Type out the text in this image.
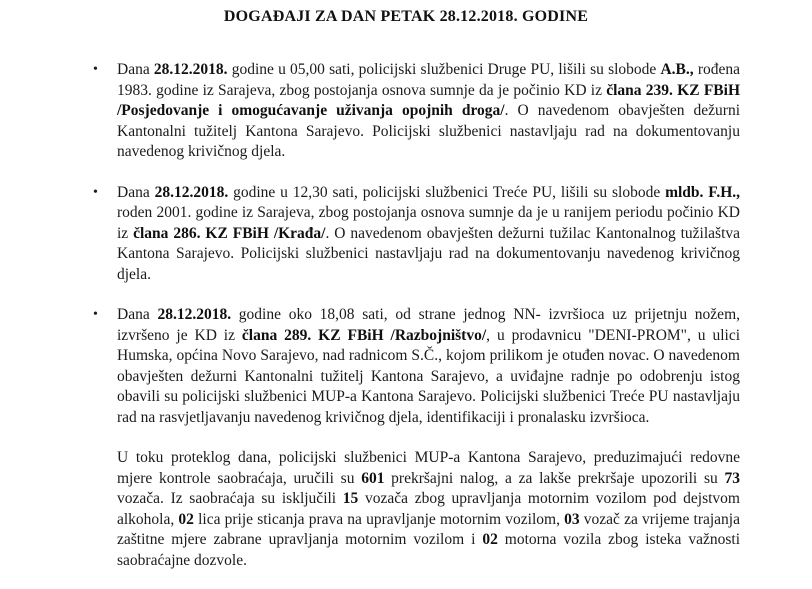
DOGAĐAJI ZA DAN PETAK 28.12.2018. GODINE
•	Dana 28.12.2018. godine u 05,00 sati, policijski službenici Druge PU, lišili su slobode A.B., rođena 1983. godine iz Sarajeva, zbog postojanja osnova sumnje da je počinio KD iz člana 239. KZ FBiH /Posjedovanje i omogućavanje uživanja opojnih droga/. O navedenom obavješten dežurni Kantonalni tužitelj Kantona Sarajevo. Policijski službenici nastavljaju rad na dokumentovanju navedenog krivičnog djela.
•	Dana 28.12.2018. godine u 12,30 sati, policijski službenici Treće PU, lišili su slobode mldb. F.H., roden 2001. godine iz Sarajeva, zbog postojanja osnova sumnje da je u ranijem periodu počinio KD iz člana 286. KZ FBiH /Krađa/. O navedenom obavješten dežurni tužilac Kantonalnog tužilaštva Kantona Sarajevo. Policijski službenici nastavljaju rad na dokumentovanju navedenog krivičnog djela.
•	Dana 28.12.2018. godine oko 18,08 sati, od strane jednog NN- izvršioca uz prijetnju nožem, izvršeno je KD iz člana 289. KZ FBiH /Razbojništvo/, u prodavnicu "DENI-PROM", u ulici Humska, općina Novo Sarajevo, nad radnicom S.Č., kojom prilikom je otuđen novac. O navedenom obavješten dežurni Kantonalni tužitelj Kantona Sarajevo, a uviđajne radnje po odobrenju istog obavili su policijski službenici MUP-a Kantona Sarajevo. Policijski službenici Treće PU nastavljaju rad na rasvjetljavanju navedenog krivičnog djela, identifikaciji i pronalasku izvršioca.
U toku proteklog dana, policijski službenici MUP-a Kantona Sarajevo, preduzimajući redovne mjere kontrole saobraćaja, uručili su 601 prekršajni nalog, a za lakše prekršaje upozorili su 73 vozača. Iz saobraćaja su isključili 15 vozača zbog upravljanja motornim vozilom pod dejstvom alkohola, 02 lica prije sticanja prava na upravljanje motornim vozilom, 03 vozač za vrijeme trajanja zaštitne mjere zabrane upravljanja motornim vozilom i 02 motorna vozila zbog isteka važnosti saobraćajne dozvole.
